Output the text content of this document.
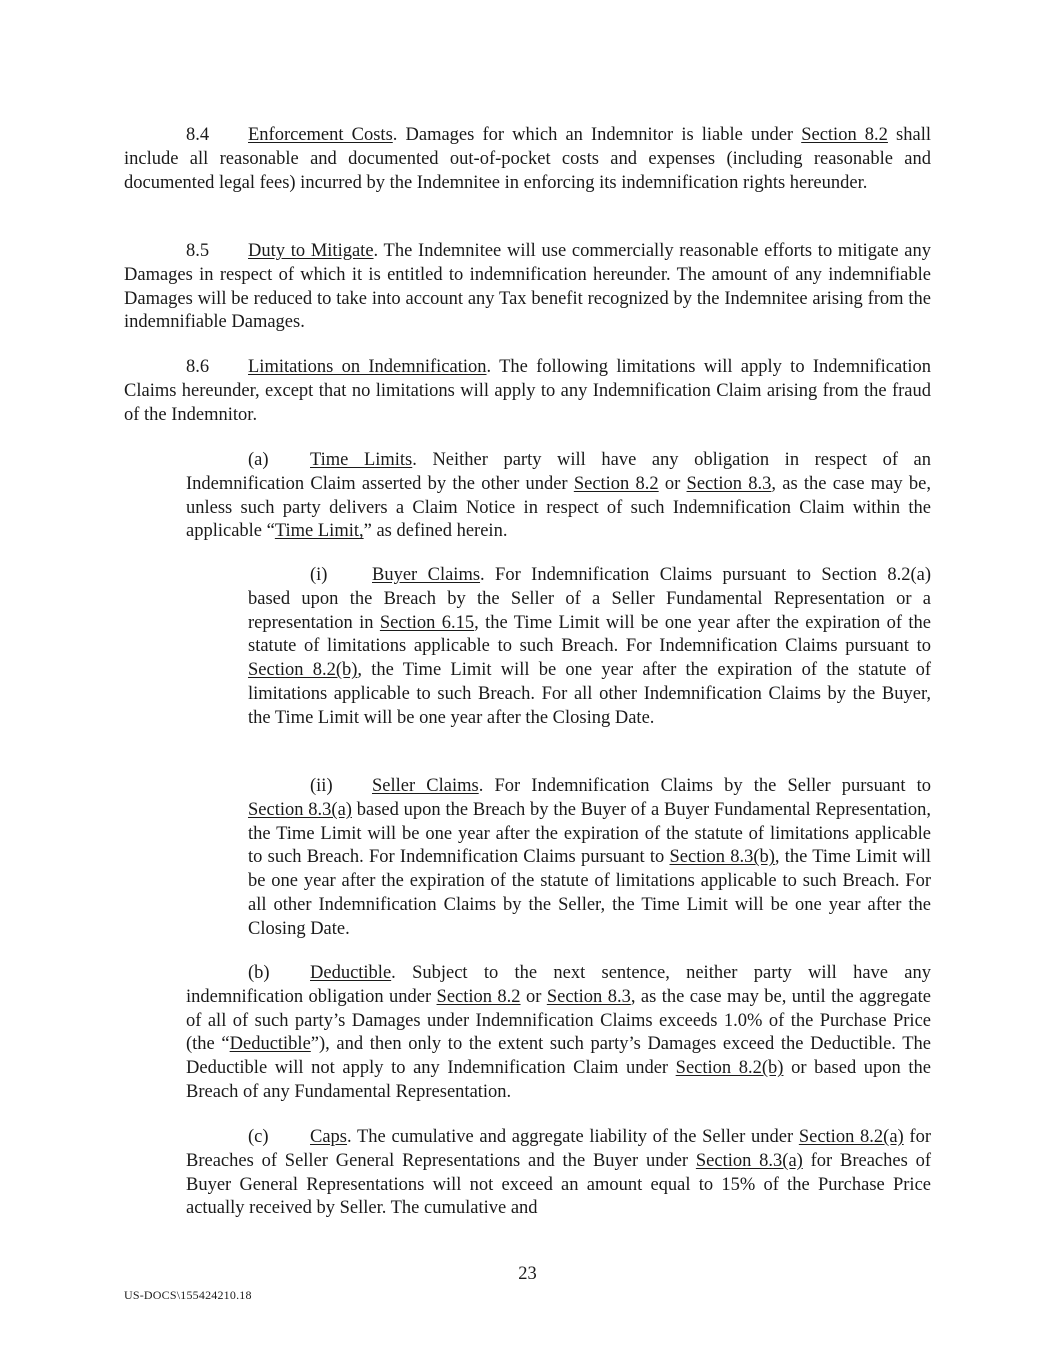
8.4 Enforcement Costs. Damages for which an Indemnitor is liable under Section 8.2 shall include all reasonable and documented out-of-pocket costs and expenses (including reasonable and documented legal fees) incurred by the Indemnitee in enforcing its indemnification rights hereunder.

8.5 Duty to Mitigate. The Indemnitee will use commercially reasonable efforts to mitigate any Damages in respect of which it is entitled to indemnification hereunder. The amount of any indemnifiable Damages will be reduced to take into account any Tax benefit recognized by the Indemnitee arising from the indemnifiable Damages.

8.6 Limitations on Indemnification. The following limitations will apply to Indemnification Claims hereunder, except that no limitations will apply to any Indemnification Claim arising from the fraud of the Indemnitor.

(a) Time Limits. Neither party will have any obligation in respect of an Indemnification Claim asserted by the other under Section 8.2 or Section 8.3, as the case may be, unless such party delivers a Claim Notice in respect of such Indemnification Claim within the applicable “Time Limit,” as defined herein.

(i) Buyer Claims. For Indemnification Claims pursuant to Section 8.2(a) based upon the Breach by the Seller of a Seller Fundamental Representation or a representation in Section 6.15, the Time Limit will be one year after the expiration of the statute of limitations applicable to such Breach. For Indemnification Claims pursuant to Section 8.2(b), the Time Limit will be one year after the expiration of the statute of limitations applicable to such Breach. For all other Indemnification Claims by the Buyer, the Time Limit will be one year after the Closing Date.

(ii) Seller Claims. For Indemnification Claims by the Seller pursuant to Section 8.3(a) based upon the Breach by the Buyer of a Buyer Fundamental Representation, the Time Limit will be one year after the expiration of the statute of limitations applicable to such Breach. For Indemnification Claims pursuant to Section 8.3(b), the Time Limit will be one year after the expiration of the statute of limitations applicable to such Breach. For all other Indemnification Claims by the Seller, the Time Limit will be one year after the Closing Date.

(b) Deductible. Subject to the next sentence, neither party will have any indemnification obligation under Section 8.2 or Section 8.3, as the case may be, until the aggregate of all of such party’s Damages under Indemnification Claims exceeds 1.0% of the Purchase Price (the “Deductible”), and then only to the extent such party’s Damages exceed the Deductible. The Deductible will not apply to any Indemnification Claim under Section 8.2(b) or based upon the Breach of any Fundamental Representation.

(c) Caps. The cumulative and aggregate liability of the Seller under Section 8.2(a) for Breaches of Seller General Representations and the Buyer under Section 8.3(a) for Breaches of Buyer General Representations will not exceed an amount equal to 15% of the Purchase Price actually received by Seller. The cumulative and

23
US-DOCS\155424210.18
